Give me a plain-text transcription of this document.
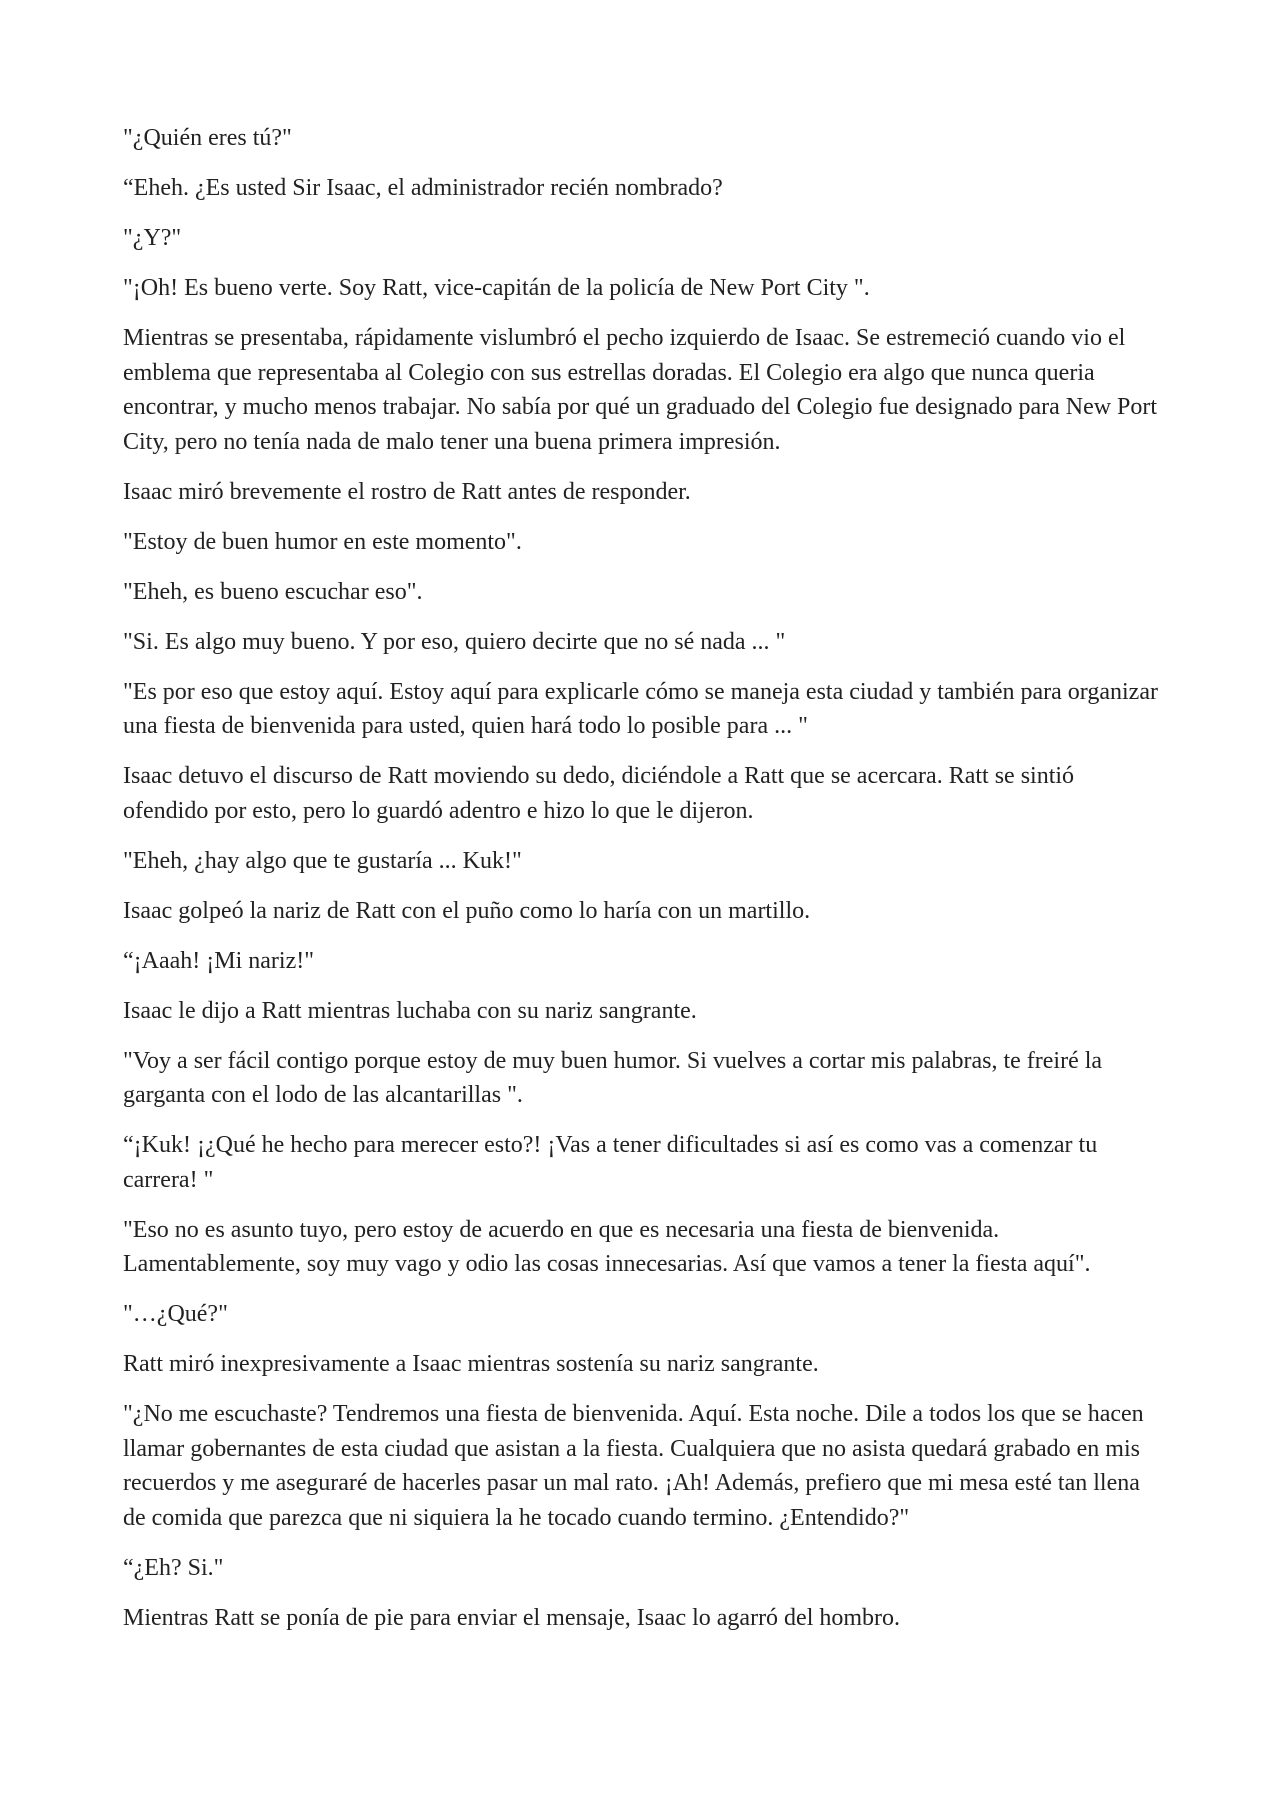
"¿Quién eres tú?"

“Eheh. ¿Es usted Sir Isaac, el administrador recién nombrado?

"¿Y?"

"¡Oh! Es bueno verte. Soy Ratt, vice-capitán de la policía de New Port City ".

Mientras se presentaba, rápidamente vislumbró el pecho izquierdo de Isaac. Se estremeció cuando vio el emblema que representaba al Colegio con sus estrellas doradas. El Colegio era algo que nunca queria encontrar, y mucho menos trabajar. No sabía por qué un graduado del Colegio fue designado para New Port City, pero no tenía nada de malo tener una buena primera impresión.

Isaac miró brevemente el rostro de Ratt antes de responder.

"Estoy de buen humor en este momento".

"Eheh, es bueno escuchar eso".

"Si. Es algo muy bueno. Y por eso, quiero decirte que no sé nada ... "

"Es por eso que estoy aquí. Estoy aquí para explicarle cómo se maneja esta ciudad y también para organizar una fiesta de bienvenida para usted, quien hará todo lo posible para ... "

Isaac detuvo el discurso de Ratt moviendo su dedo, diciéndole a Ratt que se acercara. Ratt se sintió ofendido por esto, pero lo guardó adentro e hizo lo que le dijeron.

"Eheh, ¿hay algo que te gustaría ... Kuk!"

Isaac golpeó la nariz de Ratt con el puño como lo haría con un martillo.

“¡Aaah! ¡Mi nariz!"

Isaac le dijo a Ratt mientras luchaba con su nariz sangrante.

"Voy a ser fácil contigo porque estoy de muy buen humor. Si vuelves a cortar mis palabras, te freiré la garganta con el lodo de las alcantarillas ".

“¡Kuk! ¡¿Qué he hecho para merecer esto?! ¡Vas a tener dificultades si así es como vas a comenzar tu carrera! "

"Eso no es asunto tuyo, pero estoy de acuerdo en que es necesaria una fiesta de bienvenida. Lamentablemente, soy muy vago y odio las cosas innecesarias. Así que vamos a tener la fiesta aquí".

"…¿Qué?"

Ratt miró inexpresivamente a Isaac mientras sostenía su nariz sangrante.

"¿No me escuchaste? Tendremos una fiesta de bienvenida. Aquí. Esta noche. Dile a todos los que se hacen llamar gobernantes de esta ciudad que asistan a la fiesta. Cualquiera que no asista quedará grabado en mis recuerdos y me aseguraré de hacerles pasar un mal rato. ¡Ah! Además, prefiero que mi mesa esté tan llena de comida que parezca que ni siquiera la he tocado cuando termino. ¿Entendido?"

“¿Eh? Si."

Mientras Ratt se ponía de pie para enviar el mensaje, Isaac lo agarró del hombro.
